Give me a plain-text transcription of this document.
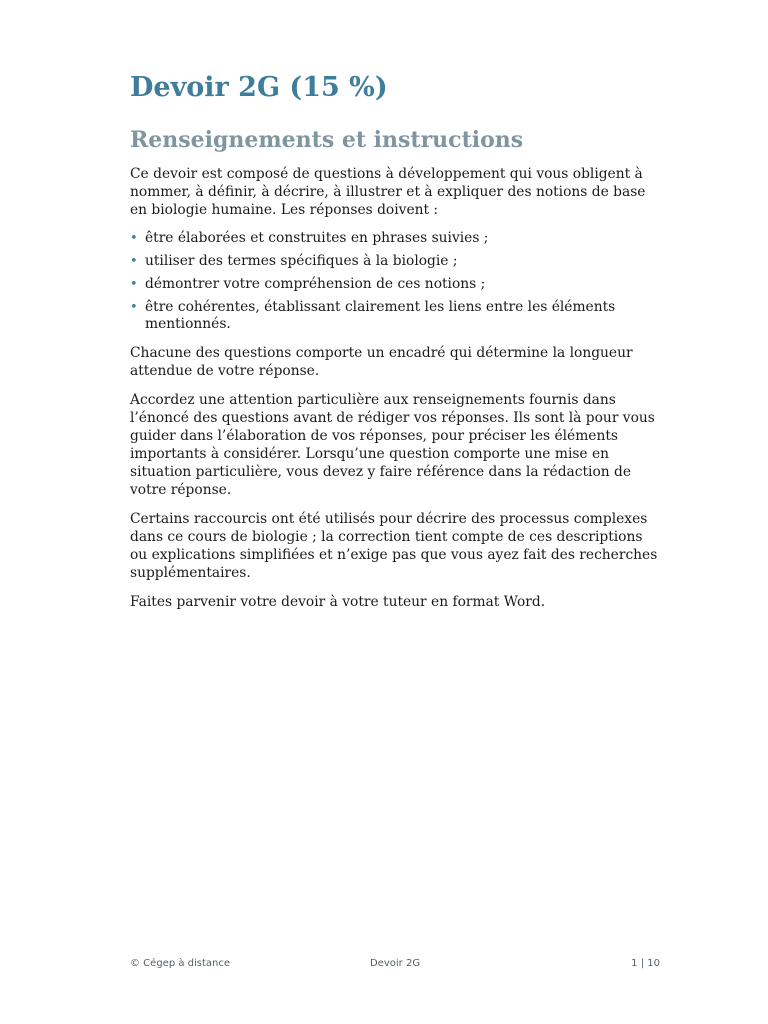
Devoir 2G (15 %)
Renseignements et instructions

Ce devoir est composé de questions à développement qui vous obligent à nommer, à définir, à décrire, à illustrer et à expliquer des notions de base en biologie humaine. Les réponses doivent :

• être élaborées et construites en phrases suivies ;
• utiliser des termes spécifiques à la biologie ;
• démontrer votre compréhension de ces notions ;
• être cohérentes, établissant clairement les liens entre les éléments mentionnés.

Chacune des questions comporte un encadré qui détermine la longueur attendue de votre réponse.

Accordez une attention particulière aux renseignements fournis dans l’énoncé des questions avant de rédiger vos réponses. Ils sont là pour vous guider dans l’élaboration de vos réponses, pour préciser les éléments importants à considérer. Lorsqu’une question comporte une mise en situation particulière, vous devez y faire référence dans la rédaction de votre réponse.

Certains raccourcis ont été utilisés pour décrire des processus complexes dans ce cours de biologie ; la correction tient compte de ces descriptions ou explications simplifiées et n’exige pas que vous ayez fait des recherches supplémentaires.

Faites parvenir votre devoir à votre tuteur en format Word.

© Cégep à distance	Devoir 2G	1 | 10
